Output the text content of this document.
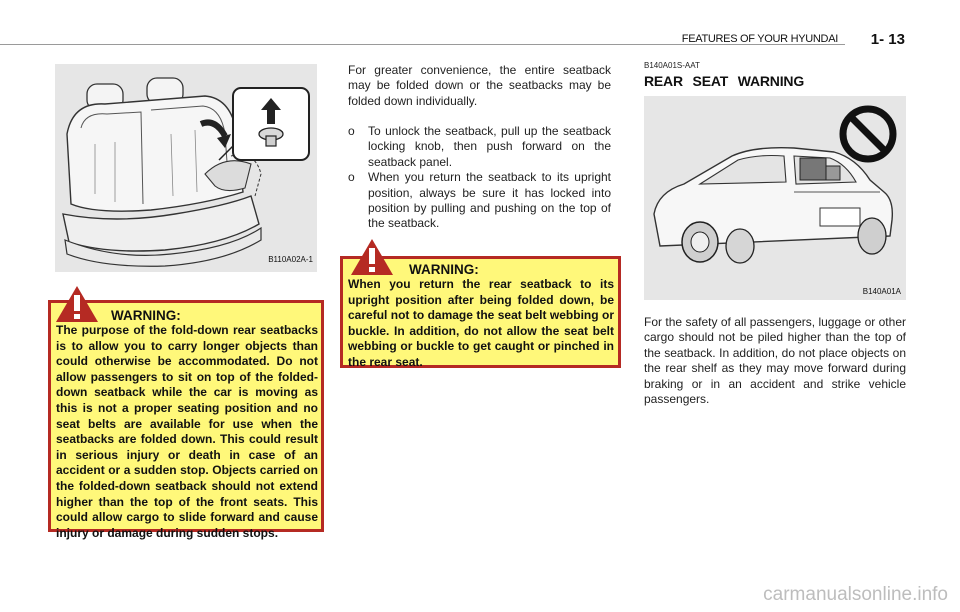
FEATURES OF YOUR HYUNDAI 1- 13
B110A02A-1
WARNING:
The purpose of the fold-down rear seatbacks is to allow you to carry longer objects than could otherwise be accommodated. Do not allow passengers to sit on top of the folded-down seatback while the car is moving as this is not a proper seating position and no seat belts are available for use when the seatbacks are folded down. This could result in serious injury or death in case of an accident or a sudden stop. Objects carried on the folded-down seatback should not extend higher than the top of the front seats. This could allow cargo to slide forward and cause injury or damage during sudden stops.
For greater convenience, the entire seatback may be folded down or the seatbacks may be folded down individually.
o	To unlock the seatback, pull up the seatback locking knob, then push forward on the seatback panel.
o	When you return the seatback to its upright position, always be sure it has locked into position by pulling and pushing on the top of the seatback.
WARNING:
When you return the rear seatback to its upright position after being folded down, be careful not to damage the seat belt webbing or buckle. In addition, do not allow the seat belt webbing or buckle to get caught or pinched in the rear seat.
B140A01S-AAT
REAR SEAT WARNING
B140A01A
For the safety of all passengers, luggage or other cargo should not be piled higher than the top of the seatback. In addition, do not place objects on the rear shelf as they may move forward during braking or in an accident and strike vehicle passengers.
carmanualsonline.info
